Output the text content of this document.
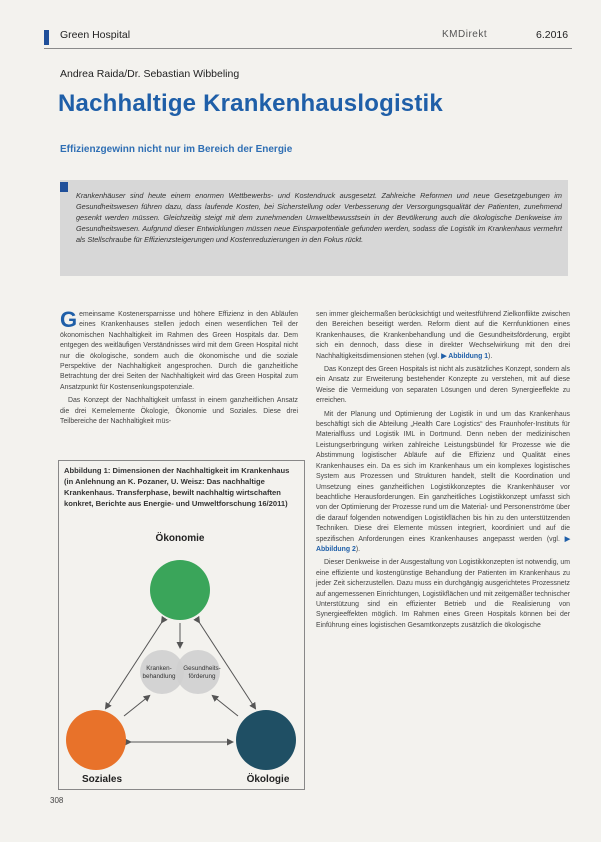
Green Hospital	KMDirekt	6.2016
Andrea Raida/Dr. Sebastian Wibbeling
Nachhaltige Krankenhauslogistik
Effizienzgewinn nicht nur im Bereich der Energie
Krankenhäuser sind heute einem enormen Wettbewerbs- und Kostendruck ausgesetzt. Zahlreiche Reformen und neue Gesetzgebungen im Gesundheitswesen führen dazu, dass laufende Kosten, bei Sicherstellung oder Verbesserung der Versorgungsqualität der Patienten, zunehmend gesenkt werden müssen. Gleichzeitig steigt mit dem zunehmenden Umweltbewusstsein in der Bevölkerung auch die ökologische Denkweise im Gesundheitswesen. Aufgrund dieser Entwicklungen müssen neue Einsparpotentiale gefunden werden, sodass die Logistik im Krankenhaus vermehrt als Stellschraube für Effizienzsteigerungen und Kostenreduzierungen in den Fokus rückt.

Gemeinsame Kostenersparnisse und höhere Effizienz in den Abläufen eines Krankenhauses stellen jedoch einen wesentlichen Teil der ökonomischen Nachhaltigkeit im Rahmen des Green Hospitals dar. Dem entgegen des weitläufigen Verständnisses wird mit dem Green Hospital nicht nur die ökologische, sondern auch die ökonomische und die soziale Perspektive der Nachhaltigkeit angesprochen. Durch die ganzheitliche Betrachtung der drei Seiten der Nachhaltigkeit wird das Green Hospital zum Ansatzpunkt für Kostensenkungspotenziale.

Das Konzept der Nachhaltigkeit umfasst in einem ganzheitlichen Ansatz die drei Kernelemente Ökologie, Ökonomie und Soziales. Diese drei Teilbereiche der Nachhaltigkeit müs-

Abbildung 1: Dimensionen der Nachhaltigkeit im Krankenhaus (in Anlehnung an K. Pozaner, U. Weisz: Das nachhaltige Krankenhaus. Transferphase, bewilt nachhaltig wirtschaften konkret, Berichte aus Energie- und Umweltforschung 16/2011)
Ökonomie
Kranken-
behandlung
Gesundheits-
förderung
Soziales	Ökologie

sen immer gleichermaßen berücksichtigt und weitestführend Zielkonflikte zwischen den Bereichen beseitigt werden. Reform dient auf die Kernfunktionen eines Krankenhauses, die Krankenbehandlung und die Gesundheitsförderung, ergibt sich ein dennoch, dass diese in direkter Wechselwirkung mit den drei Nachhaltigkeitsdimensionen stehen (vgl. ▶ Abbildung 1).

Das Konzept des Green Hospitals ist nicht als zusätzliches Konzept, sondern als ein Ansatz zur Erweiterung bestehender Konzepte zu verstehen, mit auf diese Weise die Vermeidung von separaten Lösungen und deren Synergieeffekte zu erreichen.

Mit der Planung und Optimierung der Logistik in und um das Krankenhaus beschäftigt sich die Abteilung „Health Care Logistics“ des Fraunhofer-Instituts für Materialfluss und Logistik IML in Dortmund. Denn neben der medizinischen Leistungserbringung wirken zahlreiche Leistungsbündel für Prozesse wie die Abstimmung logistischer Abläufe auf die Effizienz und Qualität eines Krankenhauses ein. Da es sich im Krankenhaus um ein komplexes logistisches System aus Prozessen und Strukturen handelt, stellt die Koordination und Umsetzung eines ganzheitlichen Logistikkonzeptes die Krankenhäuser vor beachtliche Herausforderungen. Ein ganzheitliches Logistikkonzept umfasst sich von der Optimierung der Prozesse rund um die Material- und Personenströme über die darauf folgenden notwendigen Logistikflächen bis hin zu den unterstützenden Techniken. Diese drei Elemente müssen integriert, koordiniert und auf die spezifischen Anforderungen eines Krankenhauses angepasst werden (vgl. ▶ Abbildung 2).

Dieser Denkweise in der Ausgestaltung von Logistikkonzepten ist notwendig, um eine effiziente und kostengünstige Behandlung der Patienten im Krankenhaus zu jeder Zeit sicherzustellen. Dazu muss ein durchgängig ausgerichtetes Prozessnetz auf angemessenen Einrichtungen, Logistikflächen und mit zeitgemäßer technischer Unterstützung sind ein effizienter Betrieb und die Realisierung von Synergieeffekten möglich. Im Rahmen eines Green Hospitals können bei der Einführung eines logistischen Gesamtkonzepts zusätzlich die ökologische

308
